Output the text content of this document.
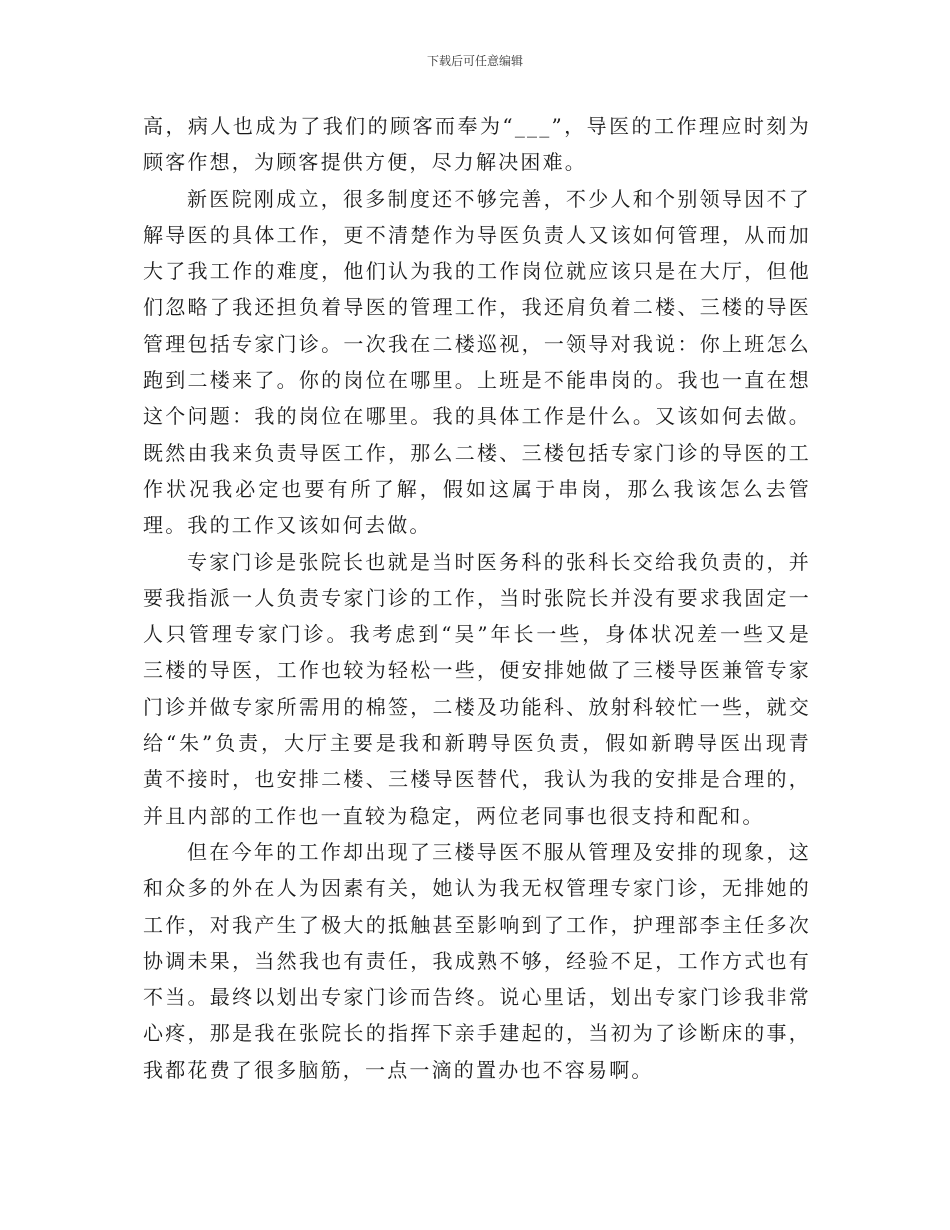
下载后可任意编辑

高，病人也成为了我们的顾客而奉为“___”，导医的工作理应时刻为顾客作想，为顾客提供方便，尽力解决困难。

新医院刚成立，很多制度还不够完善，不少人和个别领导因不了解导医的具体工作，更不清楚作为导医负责人又该如何管理，从而加大了我工作的难度，他们认为我的工作岗位就应该只是在大厅，但他们忽略了我还担负着导医的管理工作，我还肩负着二楼、三楼的导医管理包括专家门诊。一次我在二楼巡视，一领导对我说：你上班怎么跑到二楼来了。你的岗位在哪里。上班是不能串岗的。我也一直在想这个问题：我的岗位在哪里。我的具体工作是什么。又该如何去做。既然由我来负责导医工作，那么二楼、三楼包括专家门诊的导医的工作状况我必定也要有所了解，假如这属于串岗，那么我该怎么去管理。我的工作又该如何去做。

专家门诊是张院长也就是当时医务科的张科长交给我负责的，并要我指派一人负责专家门诊的工作，当时张院长并没有要求我固定一人只管理专家门诊。我考虑到“吴”年长一些，身体状况差一些又是三楼的导医，工作也较为轻松一些，便安排她做了三楼导医兼管专家门诊并做专家所需用的棉签，二楼及功能科、放射科较忙一些，就交给“朱”负责，大厅主要是我和新聘导医负责，假如新聘导医出现青黄不接时，也安排二楼、三楼导医替代，我认为我的安排是合理的，并且内部的工作也一直较为稳定，两位老同事也很支持和配和。

但在今年的工作却出现了三楼导医不服从管理及安排的现象，这和众多的外在人为因素有关，她认为我无权管理专家门诊，无排她的工作，对我产生了极大的抵触甚至影响到了工作，护理部李主任多次协调未果，当然我也有责任，我成熟不够，经验不足，工作方式也有不当。最终以划出专家门诊而告终。说心里话，划出专家门诊我非常心疼，那是我在张院长的指挥下亲手建起的，当初为了诊断床的事，我都花费了很多脑筋，一点一滴的置办也不容易啊。
